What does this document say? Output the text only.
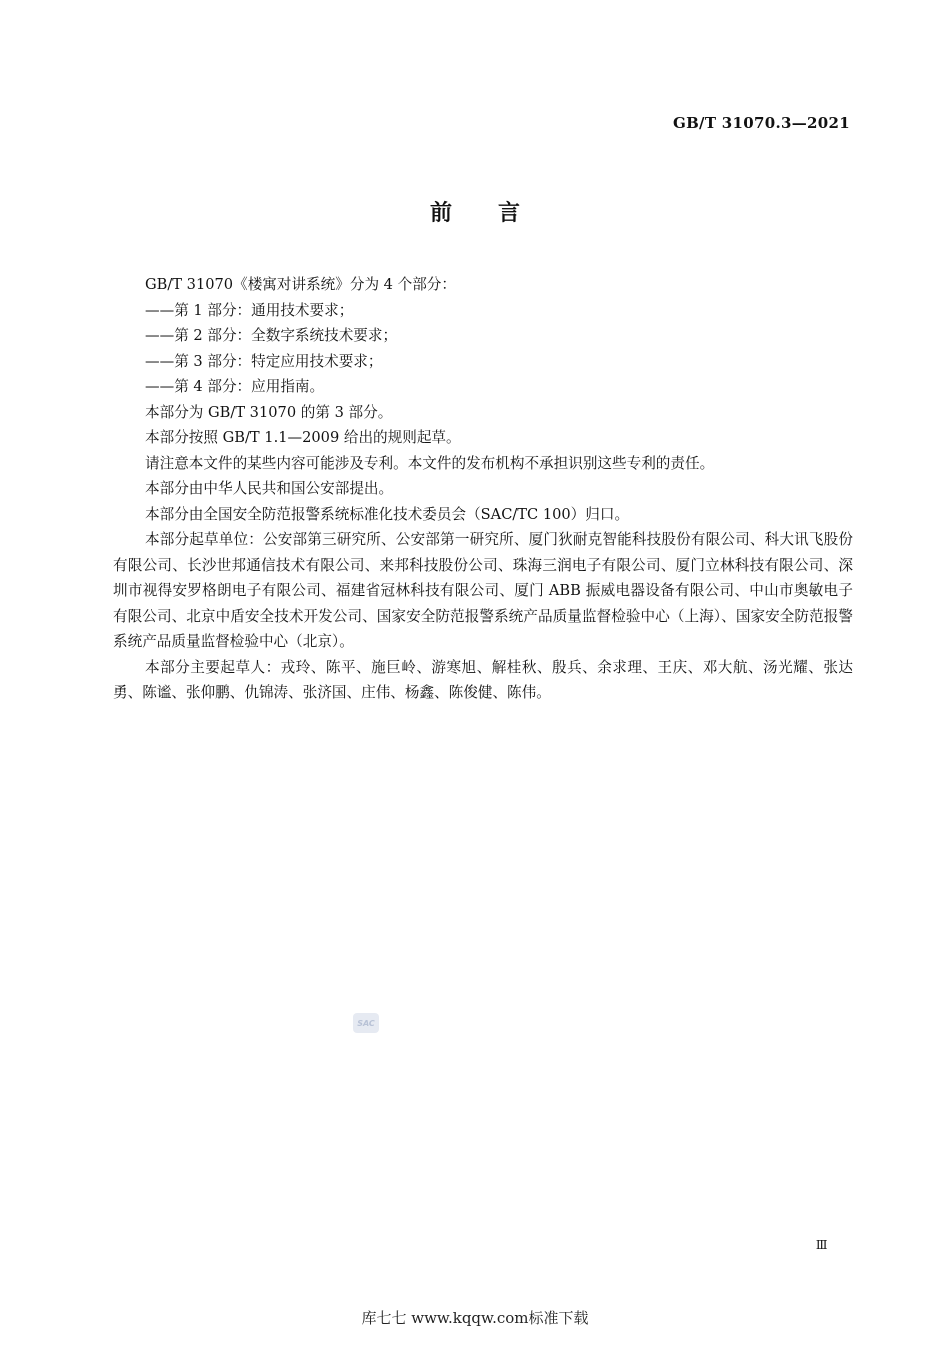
GB/T 31070.3—2021
前言

GB/T 31070《楼寓对讲系统》分为 4 个部分：

——第 1 部分：通用技术要求；

——第 2 部分：全数字系统技术要求；

——第 3 部分：特定应用技术要求；

——第 4 部分：应用指南。

本部分为 GB/T 31070 的第 3 部分。

本部分按照 GB/T 1.1—2009 给出的规则起草。

请注意本文件的某些内容可能涉及专利。本文件的发布机构不承担识别这些专利的责任。

本部分由中华人民共和国公安部提出。

本部分由全国安全防范报警系统标准化技术委员会（SAC/TC 100）归口。

本部分起草单位：公安部第三研究所、公安部第一研究所、厦门狄耐克智能科技股份有限公司、科大讯飞股份有限公司、长沙世邦通信技术有限公司、来邦科技股份公司、珠海三润电子有限公司、厦门立林科技有限公司、深圳市视得安罗格朗电子有限公司、福建省冠林科技有限公司、厦门 ABB 振威电器设备有限公司、中山市奥敏电子有限公司、北京中盾安全技术开发公司、国家安全防范报警系统产品质量监督检验中心（上海）、国家安全防范报警系统产品质量监督检验中心（北京）。

本部分主要起草人：戎玲、陈平、施巨岭、游寒旭、解桂秋、殷兵、余求理、王庆、邓大航、汤光耀、张达勇、陈谧、张仰鹏、仇锦涛、张济国、庄伟、杨鑫、陈俊健、陈伟。

SAC
Ⅲ
库七七 www.kqqw.com标准下载
